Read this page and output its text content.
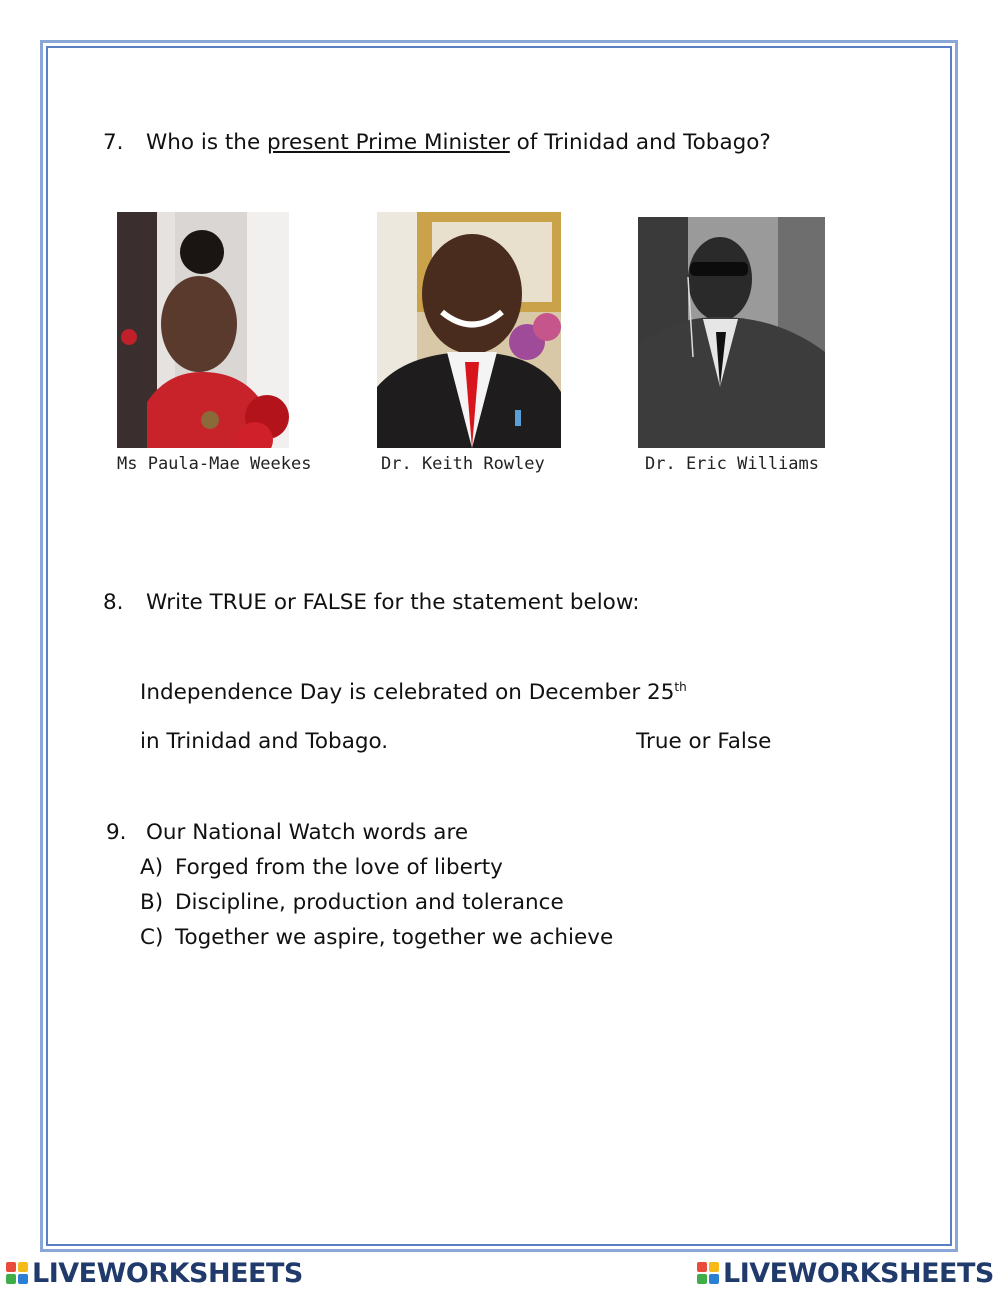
7. Who is the present Prime Minister of Trinidad and Tobago?
Ms Paula-Mae Weekes	Dr. Keith Rowley	Dr. Eric Williams
8. Write TRUE or FALSE for the statement below:
Independence Day is celebrated on December 25th
in Trinidad and Tobago.	True or False
9. Our National Watch words are
A) Forged from the love of liberty
B) Discipline, production and tolerance
C) Together we aspire, together we achieve
LIVEWORKSHEETS	LIVEWORKSHEETS
